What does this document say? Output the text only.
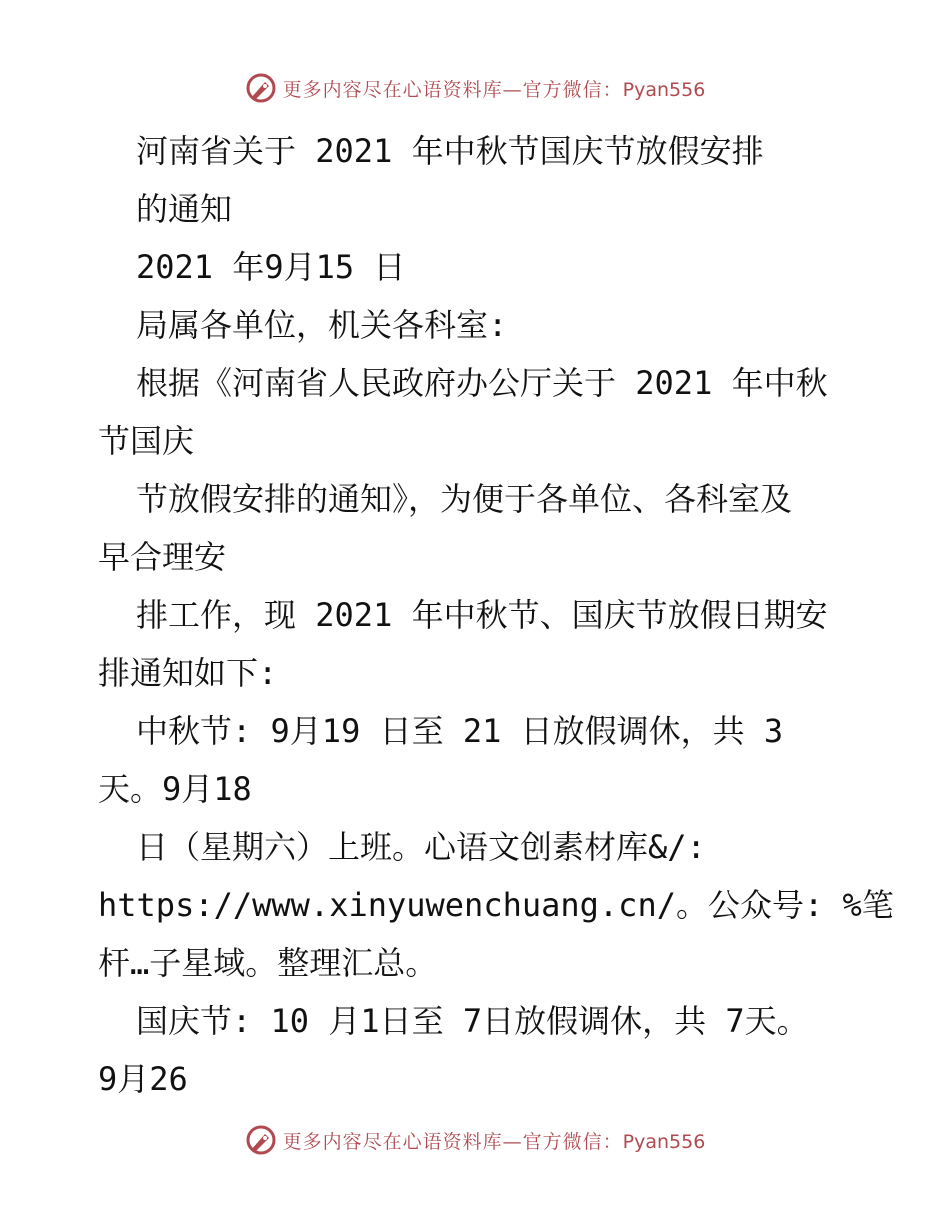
更多内容尽在心语资料库—官方微信：Pyan556
河南省关于 2021 年中秋节国庆节放假安排
的通知
2021 年9月15 日
局属各单位，机关各科室:
根据《河南省人民政府办公厅关于 2021 年中秋
节国庆
节放假安排的通知》，为便于各单位、各科室及
早合理安
排工作，现 2021 年中秋节、国庆节放假日期安
排通知如下:
中秋节: 9月19 日至 21 日放假调休，共 3
天。9月18
日（星期六）上班。心语文创素材库&/:
https://www.xinyuwenchuang.cn/。公众号: %笔
杆…子星域。整理汇总。
国庆节: 10 月1日至 7日放假调休，共 7天。
9月26
更多内容尽在心语资料库—官方微信：Pyan556
